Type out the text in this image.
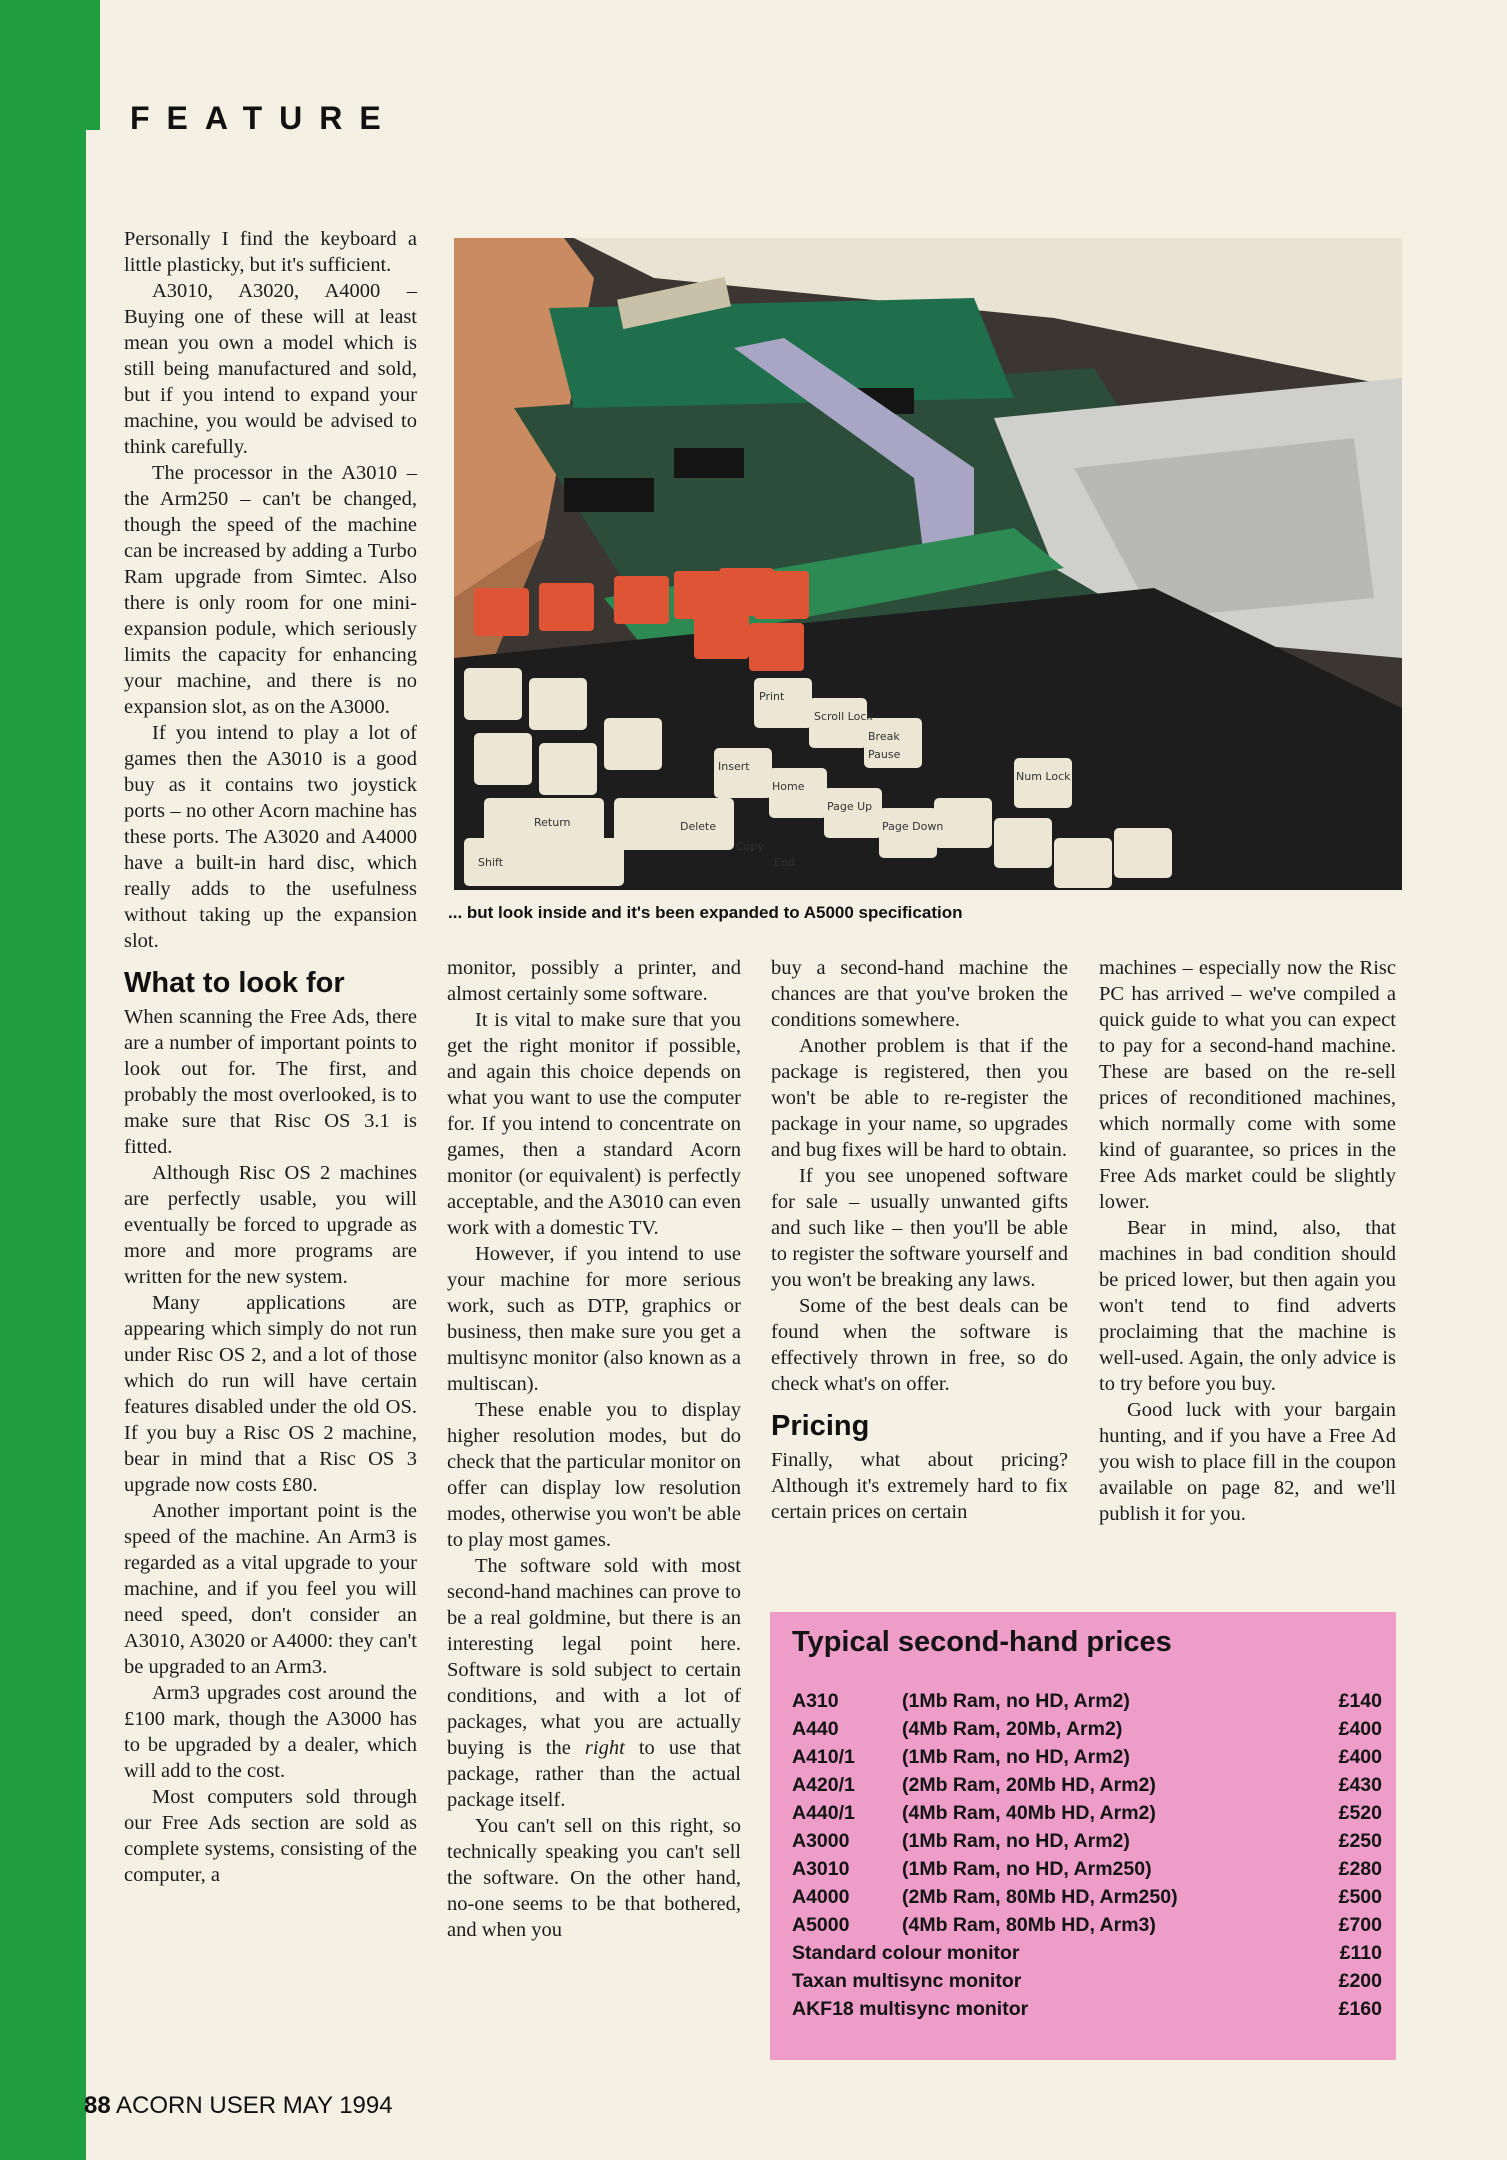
FEATURE

Personally I find the keyboard a little plasticky, but it's sufficient.

A3010, A3020, A4000 – Buying one of these will at least mean you own a model which is still being manufactured and sold, but if you intend to expand your machine, you would be advised to think carefully.

The processor in the A3010 – the Arm250 – can't be changed, though the speed of the machine can be increased by adding a Turbo Ram upgrade from Simtec. Also there is only room for one mini-expansion podule, which seriously limits the capacity for enhancing your machine, and there is no expansion slot, as on the A3000.

If you intend to play a lot of games then the A3010 is a good buy as it contains two joystick ports – no other Acorn machine has these ports. The A3020 and A4000 have a built-in hard disc, which really adds to the usefulness without taking up the expansion slot.

What to look for

When scanning the Free Ads, there are a number of important points to look out for. The first, and probably the most overlooked, is to make sure that Risc OS 3.1 is fitted.

Although Risc OS 2 machines are perfectly usable, you will eventually be forced to upgrade as more and more programs are written for the new system.

Many applications are appearing which simply do not run under Risc OS 2, and a lot of those which do run will have certain features disabled under the old OS. If you buy a Risc OS 2 machine, bear in mind that a Risc OS 3 upgrade now costs £80.

Another important point is the speed of the machine. An Arm3 is regarded as a vital upgrade to your machine, and if you feel you will need speed, don't consider an A3010, A3020 or A4000: they can't be upgraded to an Arm3.

Arm3 upgrades cost around the £100 mark, though the A3000 has to be upgraded by a dealer, which will add to the cost.

Most computers sold through our Free Ads section are sold as complete systems, consisting of the computer, a

Print
Scroll Lock
Break
Pause
Insert
Home
Page Up
Delete
Copy
Page Down
Num Lock
End
Return
Shift
... but look inside and it's been expanded to A5000 specification

monitor, possibly a printer, and almost certainly some software.

It is vital to make sure that you get the right monitor if possible, and again this choice depends on what you want to use the computer for. If you intend to concentrate on games, then a standard Acorn monitor (or equivalent) is perfectly acceptable, and the A3010 can even work with a domestic TV.

However, if you intend to use your machine for more serious work, such as DTP, graphics or business, then make sure you get a multisync monitor (also known as a multiscan).

These enable you to display higher resolution modes, but do check that the particular monitor on offer can display low resolution modes, otherwise you won't be able to play most games.

The software sold with most second-hand machines can prove to be a real goldmine, but there is an interesting legal point here. Software is sold subject to certain conditions, and with a lot of packages, what you are actually buying is the right to use that package, rather than the actual package itself.

You can't sell on this right, so technically speaking you can't sell the software. On the other hand, no-one seems to be that bothered, and when you

buy a second-hand machine the chances are that you've broken the conditions somewhere.

Another problem is that if the package is registered, then you won't be able to re-register the package in your name, so upgrades and bug fixes will be hard to obtain.

If you see unopened software for sale – usually unwanted gifts and such like – then you'll be able to register the software yourself and you won't be breaking any laws.

Some of the best deals can be found when the software is effectively thrown in free, so do check what's on offer.

Pricing

Finally, what about pricing? Although it's extremely hard to fix certain prices on certain

machines – especially now the Risc PC has arrived – we've compiled a quick guide to what you can expect to pay for a second-hand machine. These are based on the re-sell prices of reconditioned machines, which normally come with some kind of guarantee, so prices in the Free Ads market could be slightly lower.

Bear in mind, also, that machines in bad condition should be priced lower, but then again you won't tend to find adverts proclaiming that the machine is well-used. Again, the only advice is to try before you buy.

Good luck with your bargain hunting, and if you have a Free Ad you wish to place fill in the coupon available on page 82, and we'll publish it for you.

Typical second-hand prices
A310	(1Mb Ram, no HD, Arm2)	£140
A440	(4Mb Ram, 20Mb, Arm2)	£400
A410/1 (1Mb Ram, no HD, Arm2)	£400
A420/1 (2Mb Ram, 20Mb HD, Arm2)	£430
A440/1 (4Mb Ram, 40Mb HD, Arm2)	£520
A3000	(1Mb Ram, no HD, Arm2)	£250
A3010	(1Mb Ram, no HD, Arm250)	£280
A4000	(2Mb Ram, 80Mb HD, Arm250)	£500
A5000	(4Mb Ram, 80Mb HD, Arm3)	£700
Standard colour monitor	£110
Taxan multisync monitor	£200
AKF18 multisync monitor	£160
88 ACORN USER MAY 1994
